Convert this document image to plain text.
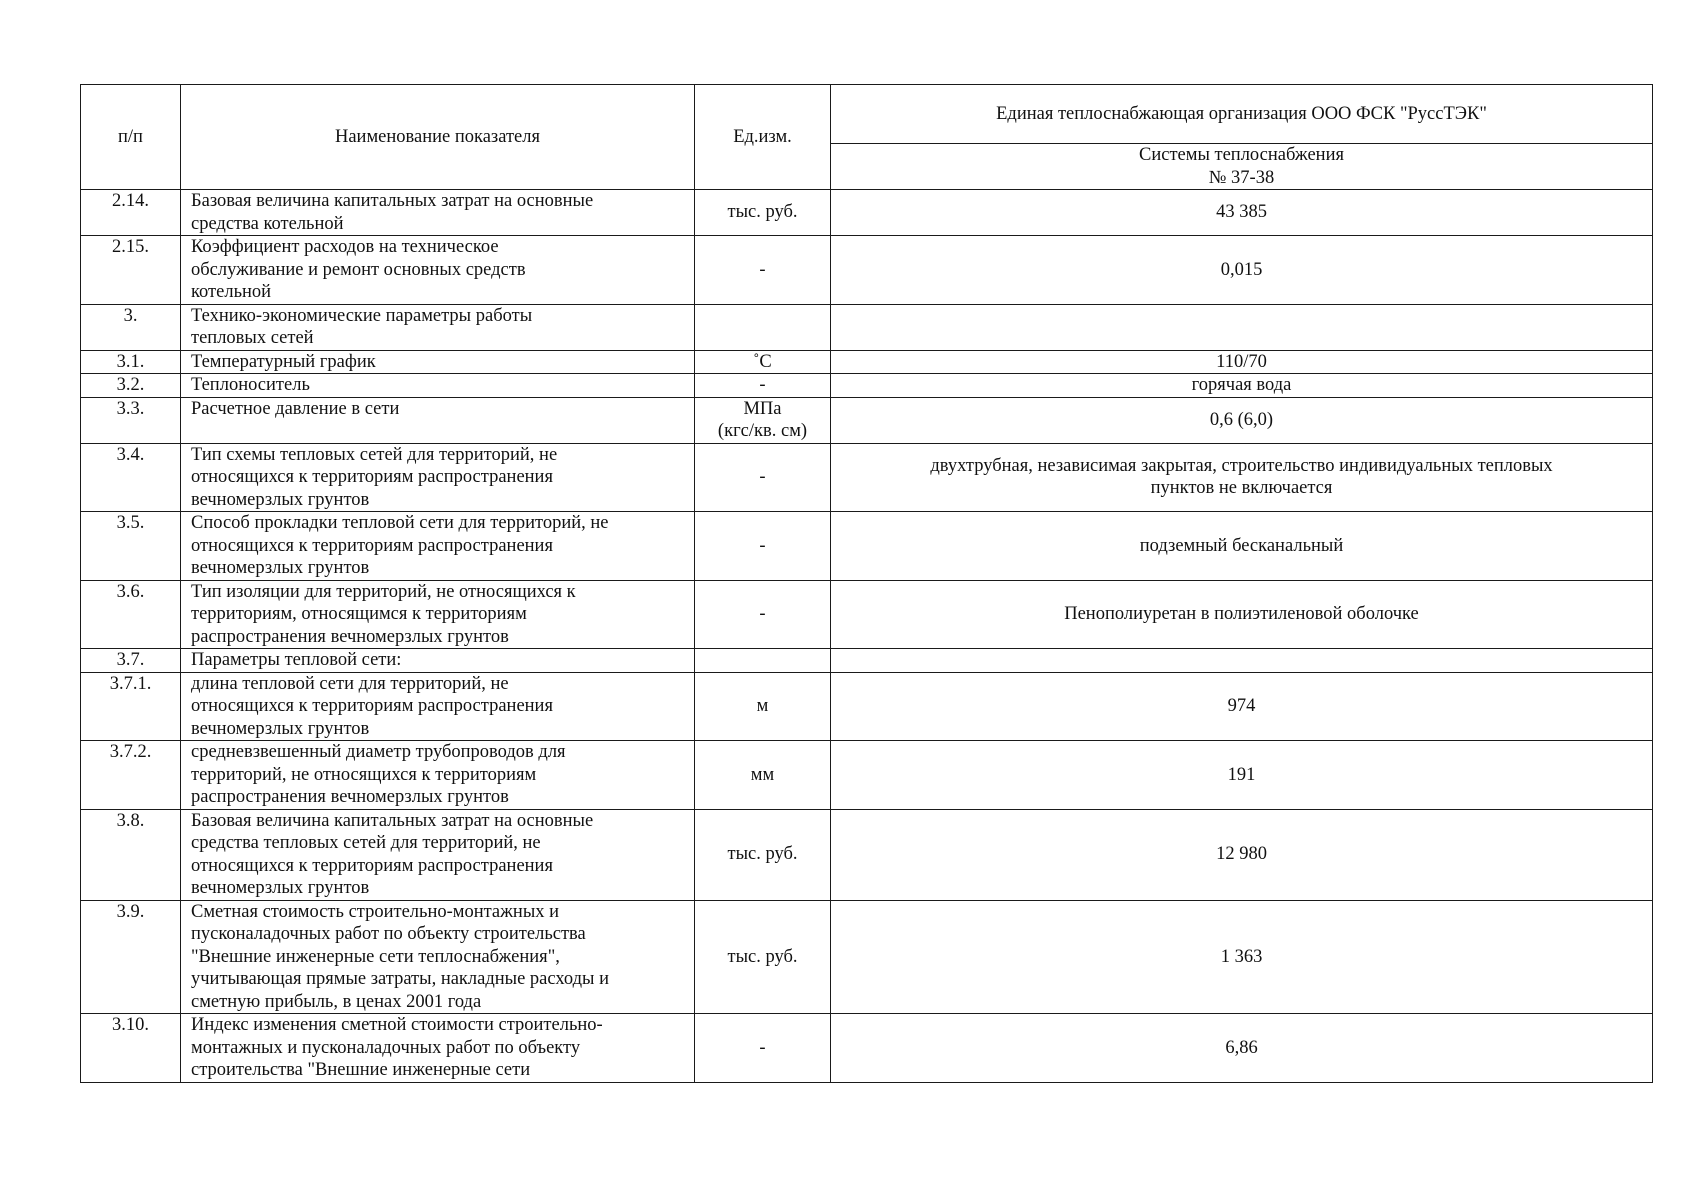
п/п	Наименование показателя	Ед.изм.	Единая теплоснабжающая организация ООО ФСК "РуссТЭК"
			Системы теплоснабжения
№ 37-38
2.14.	Базовая величина капитальных затрат на основные
средства котельной	тыс. руб.	43 385
2.15.	Коэффициент расходов на техническое
обслуживание и ремонт основных средств
котельной	-	0,015
3.	Технико-экономические параметры работы
тепловых сетей		
3.1.	Температурный график	˚С	110/70
3.2.	Теплоноситель	-	горячая вода
3.3.	Расчетное давление в сети	МПа
(кгс/кв. см)	0,6 (6,0)
3.4.	Тип схемы тепловых сетей для территорий, не
относящихся к территориям распространения
вечномерзлых грунтов	-	двухтрубная, независимая закрытая, строительство индивидуальных тепловых
пунктов не включается
3.5.	Способ прокладки тепловой сети для территорий, не
относящихся к территориям распространения
вечномерзлых грунтов	-	подземный бесканальный
3.6.	Тип изоляции для территорий, не относящихся к
территориям, относящимся к территориям
распространения вечномерзлых грунтов	-	Пенополиуретан в полиэтиленовой оболочке
3.7.	Параметры тепловой сети:		
3.7.1.	длина тепловой сети для территорий, не
относящихся к территориям распространения
вечномерзлых грунтов	м	974
3.7.2.	средневзвешенный диаметр трубопроводов для
территорий, не относящихся к территориям
распространения вечномерзлых грунтов	мм	191
3.8.	Базовая величина капитальных затрат на основные
средства тепловых сетей для территорий, не
относящихся к территориям распространения
вечномерзлых грунтов	тыс. руб.	12 980
3.9.	Сметная стоимость строительно-монтажных и
пусконаладочных работ по объекту строительства
"Внешние инженерные сети теплоснабжения",
учитывающая прямые затраты, накладные расходы и
сметную прибыль, в ценах 2001 года	тыс. руб.	1 363
3.10.	Индекс изменения сметной стоимости строительно-
монтажных и пусконаладочных работ по объекту
строительства "Внешние инженерные сети	-	6,86
